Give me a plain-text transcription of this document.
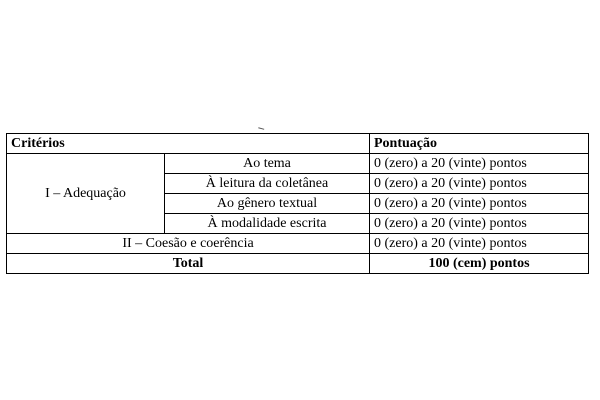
Critérios		Pontuação
I – Adequação	Ao tema	0 (zero) a 20 (vinte) pontos
	À leitura da coletânea	0 (zero) a 20 (vinte) pontos
	Ao gênero textual	0 (zero) a 20 (vinte) pontos
	À modalidade escrita	0 (zero) a 20 (vinte) pontos
II – Coesão e coerência		0 (zero) a 20 (vinte) pontos
Total		100 (cem) pontos
